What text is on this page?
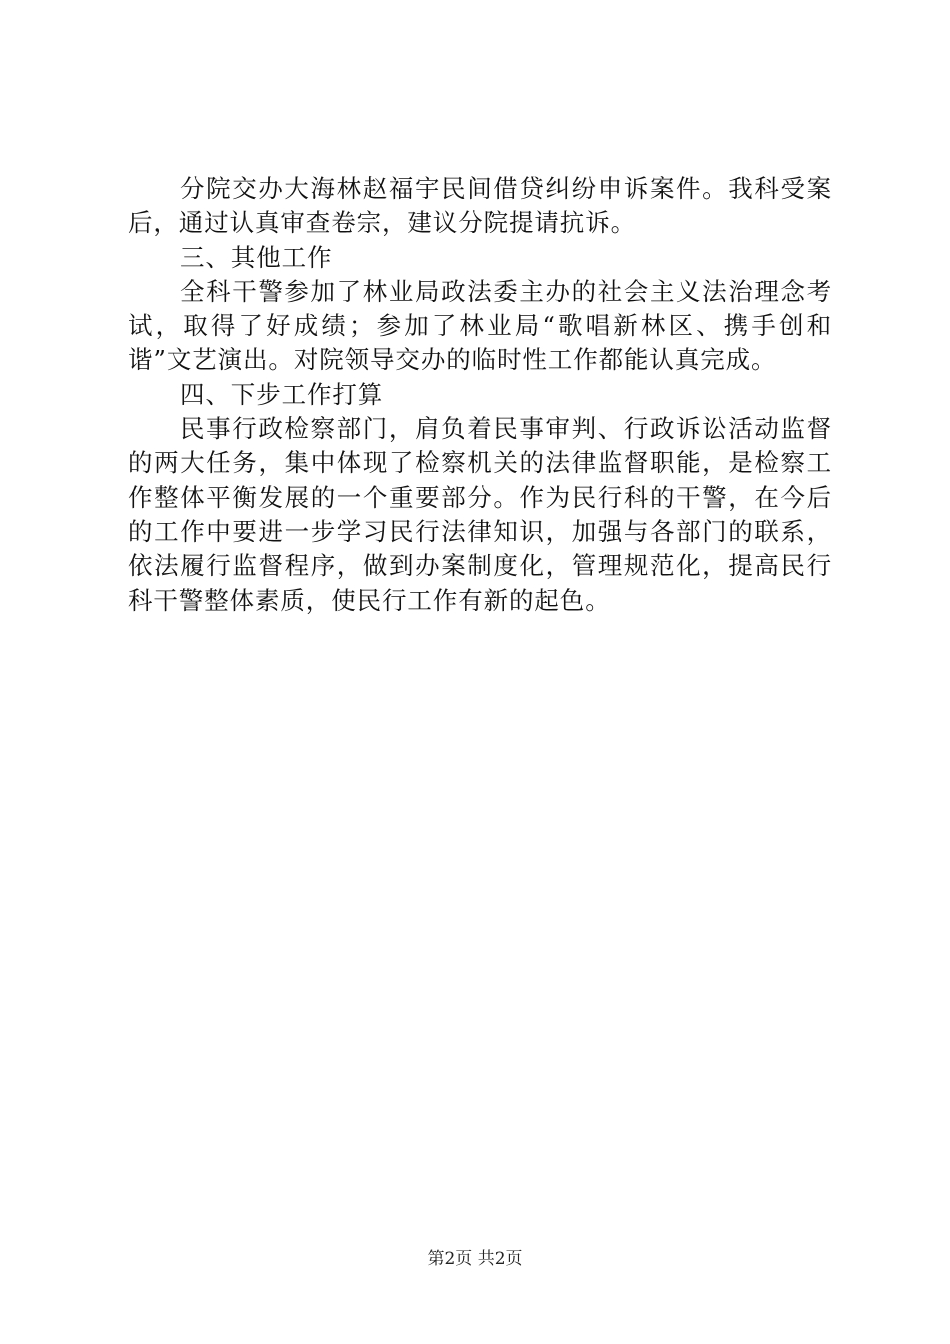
分院交办大海林赵福宇民间借贷纠纷申诉案件。我科受案后，通过认真审查卷宗，建议分院提请抗诉。

三、其他工作

全科干警参加了林业局政法委主办的社会主义法治理念考试，取得了好成绩；参加了林业局“歌唱新林区、携手创和谐”文艺演出。对院领导交办的临时性工作都能认真完成。

四、下步工作打算

民事行政检察部门，肩负着民事审判、行政诉讼活动监督的两大任务，集中体现了检察机关的法律监督职能，是检察工作整体平衡发展的一个重要部分。作为民行科的干警，在今后的工作中要进一步学习民行法律知识，加强与各部门的联系，依法履行监督程序，做到办案制度化，管理规范化，提高民行科干警整体素质，使民行工作有新的起色。

第2页 共2页
